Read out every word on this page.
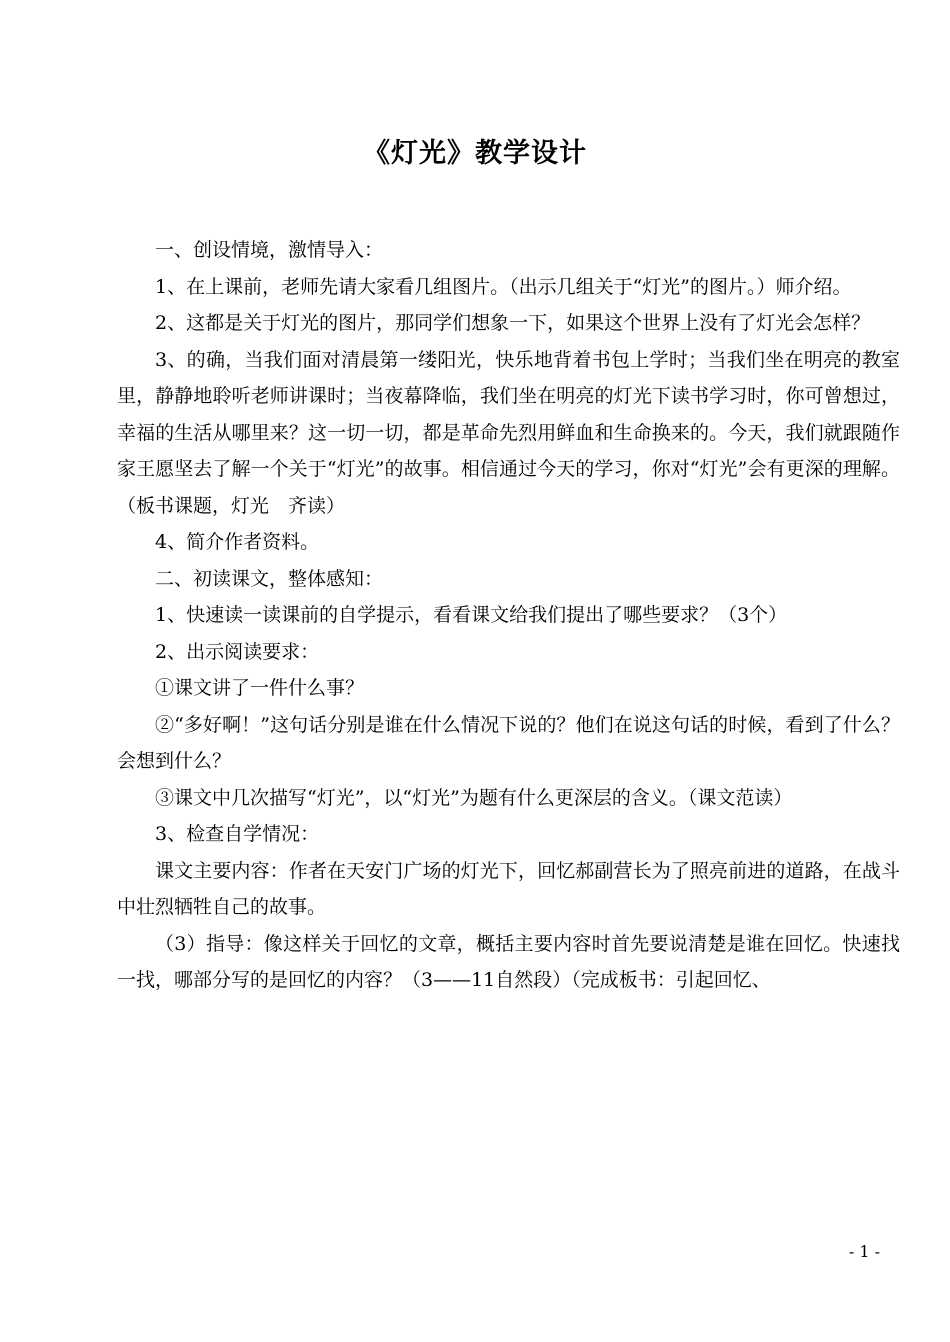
《灯光》教学设计

一、创设情境，激情导入：

1、在上课前，老师先请大家看几组图片。（出示几组关于“灯光”的图片。）师介绍。

2、这都是关于灯光的图片，那同学们想象一下，如果这个世界上没有了灯光会怎样？

3、的确，当我们面对清晨第一缕阳光，快乐地背着书包上学时；当我们坐在明亮的教室里，静静地聆听老师讲课时；当夜幕降临，我们坐在明亮的灯光下读书学习时，你可曾想过，幸福的生活从哪里来？这一切一切，都是革命先烈用鲜血和生命换来的。今天，我们就跟随作家王愿坚去了解一个关于“灯光”的故事。相信通过今天的学习，你对“灯光”会有更深的理解。（板书课题，灯光　齐读）

4、简介作者资料。

二、初读课文，整体感知：

1、快速读一读课前的自学提示，看看课文给我们提出了哪些要求？（3个）

2、出示阅读要求：

①课文讲了一件什么事？

②“多好啊！”这句话分别是谁在什么情况下说的？他们在说这句话的时候，看到了什么？会想到什么？

③课文中几次描写“灯光”，以“灯光”为题有什么更深层的含义。（课文范读）

3、检查自学情况：

课文主要内容：作者在天安门广场的灯光下，回忆郝副营长为了照亮前进的道路，在战斗中壮烈牺牲自己的故事。

（3）指导：像这样关于回忆的文章，概括主要内容时首先要说清楚是谁在回忆。快速找一找，哪部分写的是回忆的内容？（3——11自然段）（完成板书：引起回忆、

- 1 -
